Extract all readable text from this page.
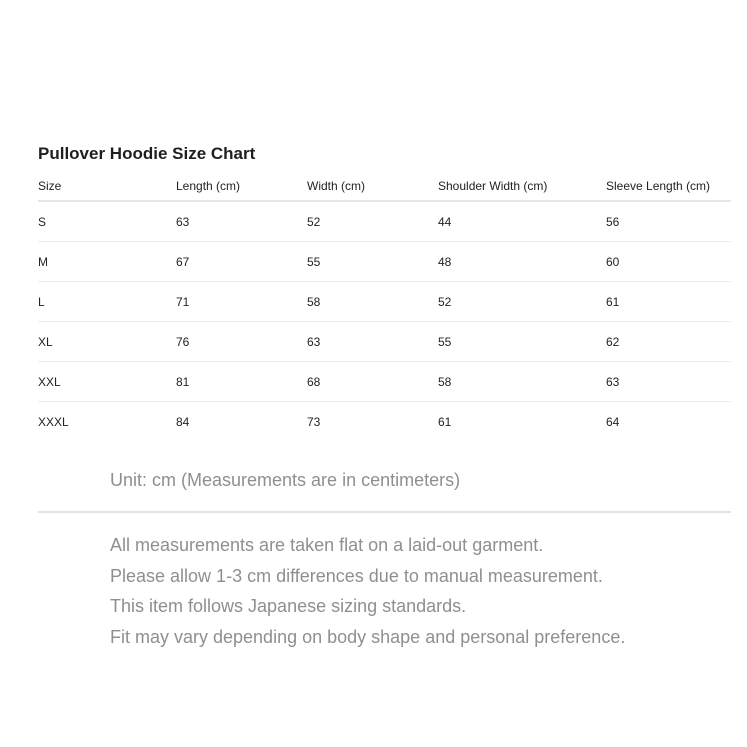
Pullover Hoodie Size Chart
Size	Length (cm)	Width (cm)	Shoulder Width (cm)	Sleeve Length (cm)
S	63	52	44	56
M	67	55	48	60
L	71	58	52	61
XL	76	63	55	62
XXL	81	68	58	63
XXXL	84	73	61	64
Unit: cm (Measurements are in centimeters)
All measurements are taken flat on a laid-out garment.
Please allow 1-3 cm differences due to manual measurement.
This item follows Japanese sizing standards.
Fit may vary depending on body shape and personal preference.
